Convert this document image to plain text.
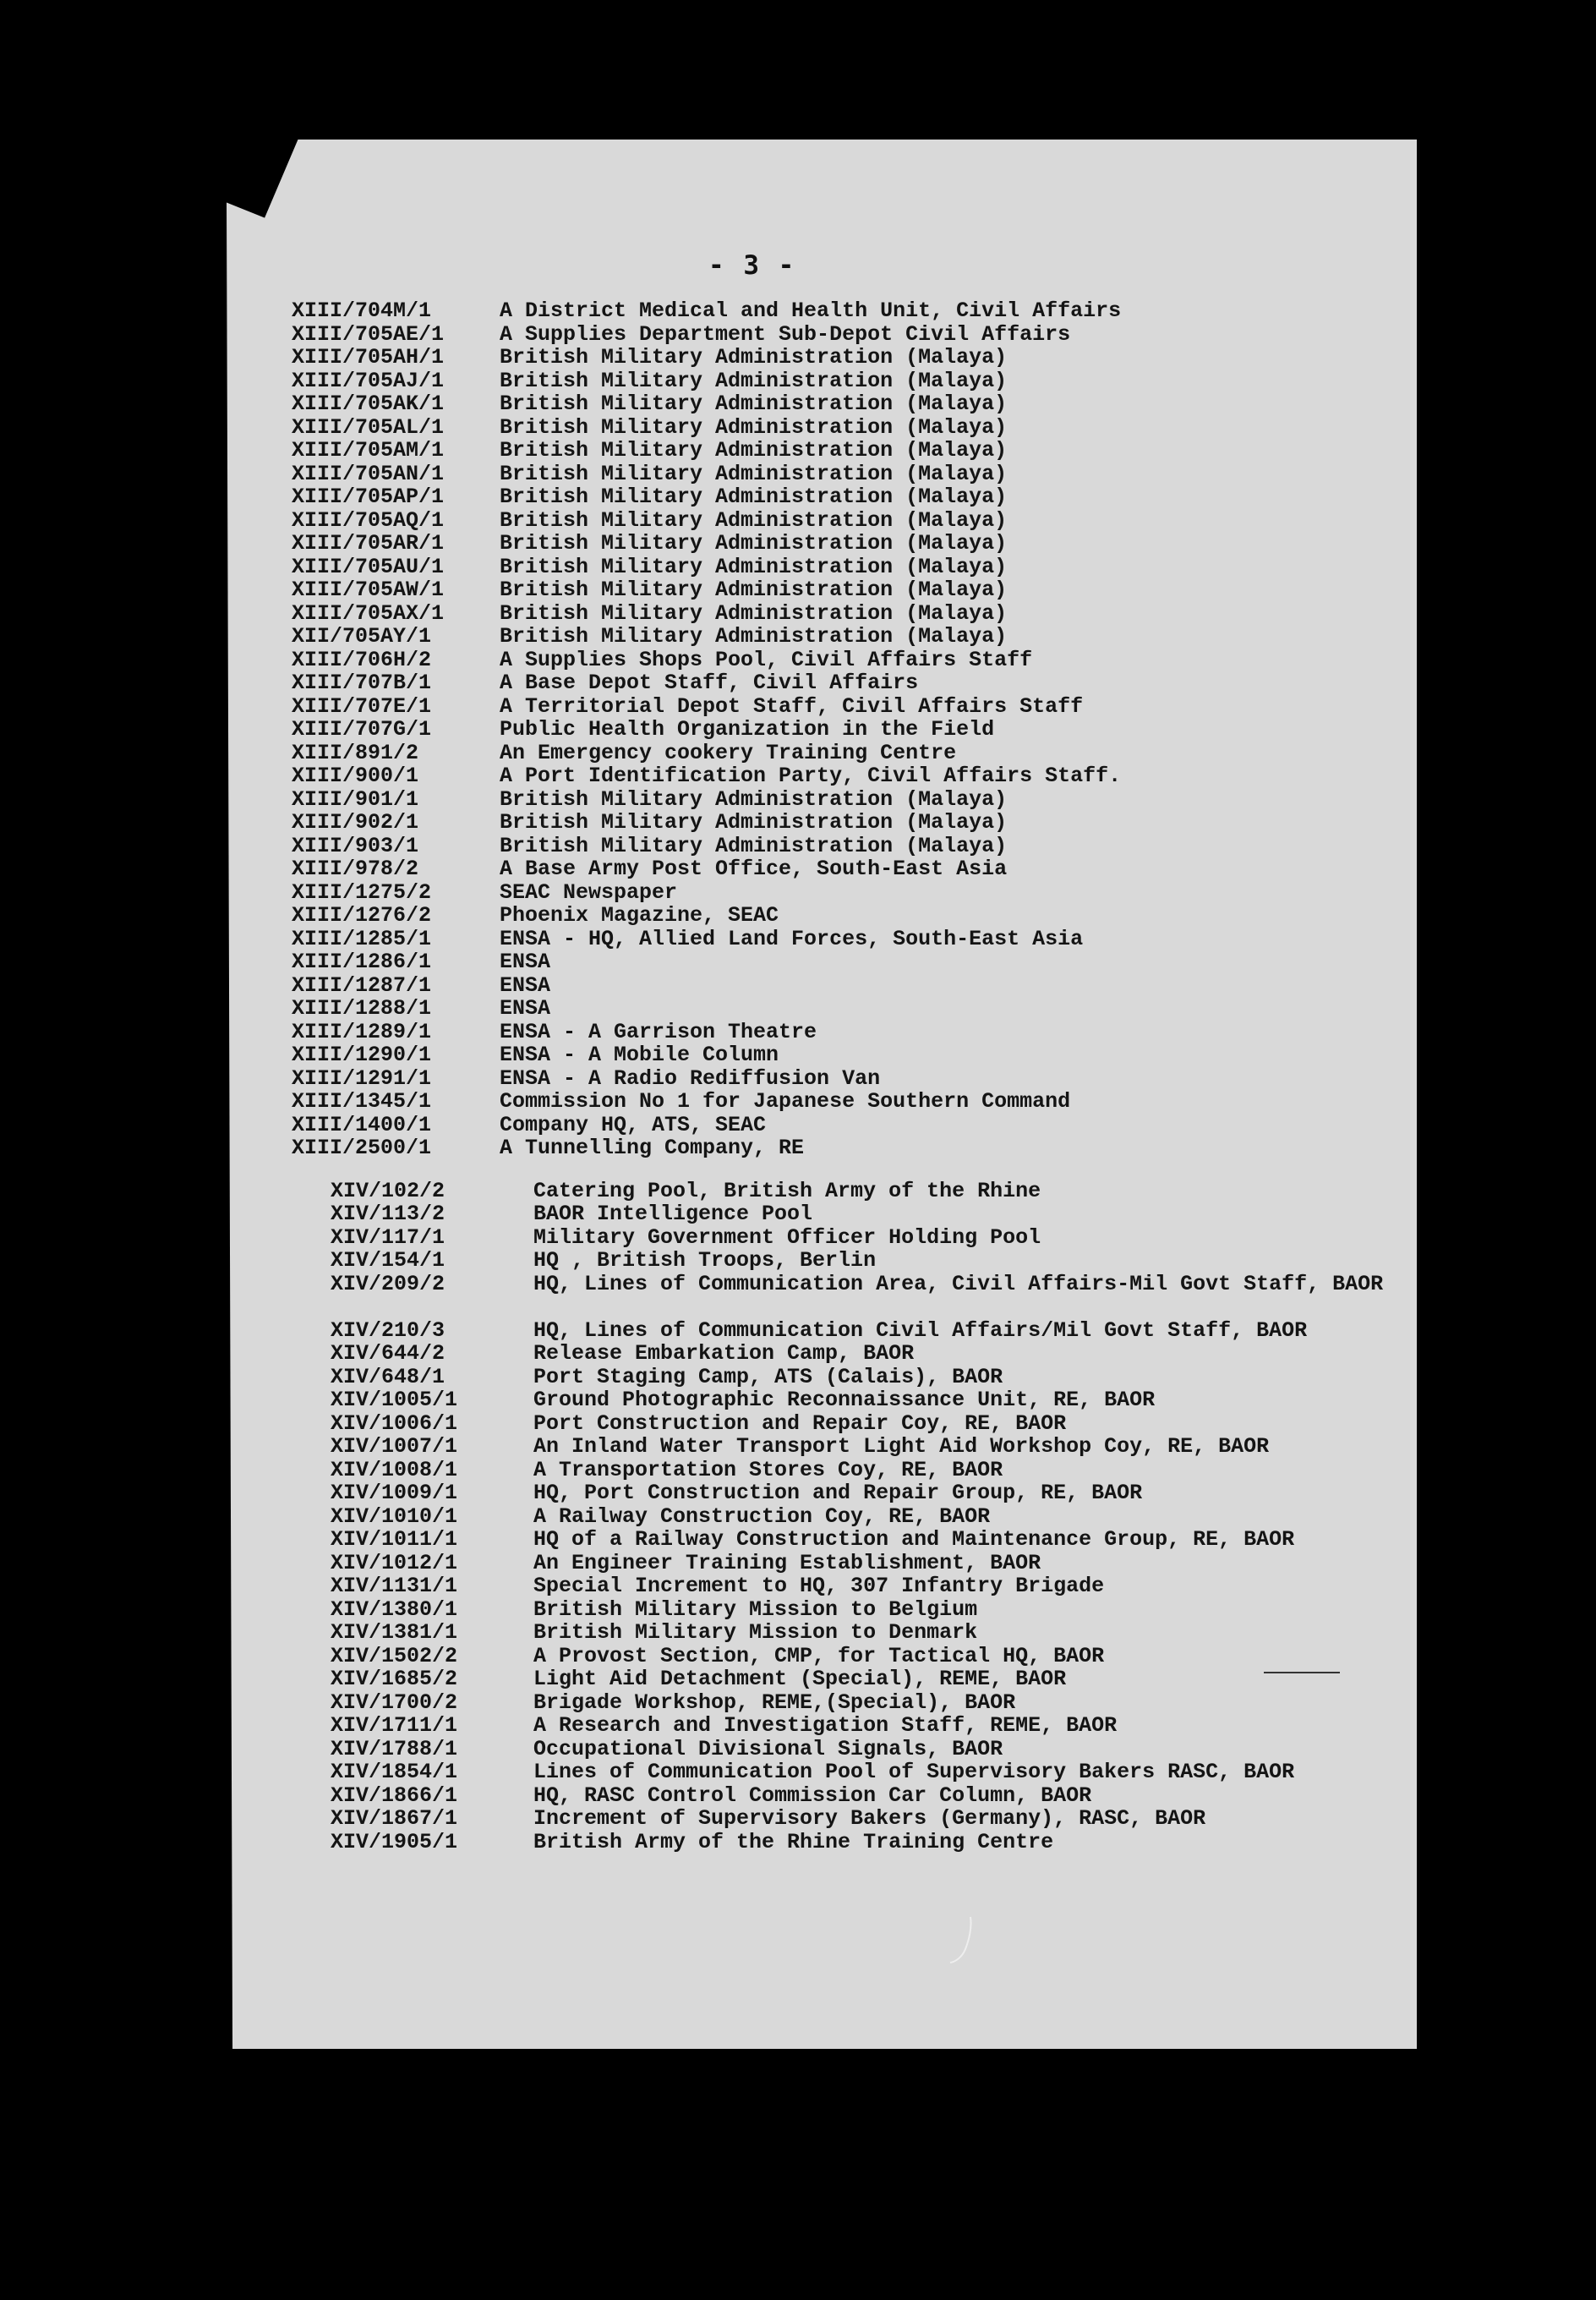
- 3 -
XIII/704M/1	A District Medical and Health Unit, Civil Affairs
XIII/705AE/1	A Supplies Department Sub-Depot Civil Affairs
XIII/705AH/1	British Military Administration (Malaya)
XIII/705AJ/1	British Military Administration (Malaya)
XIII/705AK/1	British Military Administration (Malaya)
XIII/705AL/1	British Military Administration (Malaya)
XIII/705AM/1	British Military Administration (Malaya)
XIII/705AN/1	British Military Administration (Malaya)
XIII/705AP/1	British Military Administration (Malaya)
XIII/705AQ/1	British Military Administration (Malaya)
XIII/705AR/1	British Military Administration (Malaya)
XIII/705AU/1	British Military Administration (Malaya)
XIII/705AW/1	British Military Administration (Malaya)
XIII/705AX/1	British Military Administration (Malaya)
XII/705AY/1	British Military Administration (Malaya)
XIII/706H/2	A Supplies Shops Pool, Civil Affairs Staff
XIII/707B/1	A Base Depot Staff, Civil Affairs
XIII/707E/1	A Territorial Depot Staff, Civil Affairs Staff
XIII/707G/1	Public Health Organization in the Field
XIII/891/2	An Emergency cookery Training Centre
XIII/900/1	A Port Identification Party, Civil Affairs Staff.
XIII/901/1	British Military Administration (Malaya)
XIII/902/1	British Military Administration (Malaya)
XIII/903/1	British Military Administration (Malaya)
XIII/978/2	A Base Army Post Office, South-East Asia
XIII/1275/2	SEAC Newspaper
XIII/1276/2	Phoenix Magazine, SEAC
XIII/1285/1	ENSA - HQ, Allied Land Forces, South-East Asia
XIII/1286/1	ENSA
XIII/1287/1	ENSA
XIII/1288/1	ENSA
XIII/1289/1	ENSA - A Garrison Theatre
XIII/1290/1	ENSA - A Mobile Column
XIII/1291/1	ENSA - A Radio Rediffusion Van
XIII/1345/1	Commission No 1 for Japanese Southern Command
XIII/1400/1	Company HQ, ATS, SEAC
XIII/2500/1	A Tunnelling Company, RE
XIV/102/2	Catering Pool, British Army of the Rhine
XIV/113/2	BAOR Intelligence Pool
XIV/117/1	Military Government Officer Holding Pool
XIV/154/1	HQ , British Troops, Berlin
XIV/209/2	HQ, Lines of Communication Area, Civil Affairs-Mil Govt Staff, BAOR
XIV/210/3	HQ, Lines of Communication Civil Affairs/Mil Govt Staff, BAOR
XIV/644/2	Release Embarkation Camp, BAOR
XIV/648/1	Port Staging Camp, ATS (Calais), BAOR
XIV/1005/1	Ground Photographic Reconnaissance Unit, RE, BAOR
XIV/1006/1	Port Construction and Repair Coy, RE, BAOR
XIV/1007/1	An Inland Water Transport Light Aid Workshop Coy, RE, BAOR
XIV/1008/1	A Transportation Stores Coy, RE, BAOR
XIV/1009/1	HQ, Port Construction and Repair Group, RE, BAOR
XIV/1010/1	A Railway Construction Coy, RE, BAOR
XIV/1011/1	HQ of a Railway Construction and Maintenance Group, RE, BAOR
XIV/1012/1	An Engineer Training Establishment, BAOR
XIV/1131/1	Special Increment to HQ, 307 Infantry Brigade
XIV/1380/1	British Military Mission to Belgium
XIV/1381/1	British Military Mission to Denmark
XIV/1502/2	A Provost Section, CMP, for Tactical HQ, BAOR
XIV/1685/2	Light Aid Detachment (Special), REME, BAOR
XIV/1700/2	Brigade Workshop, REME,(Special), BAOR
XIV/1711/1	A Research and Investigation Staff, REME, BAOR
XIV/1788/1	Occupational Divisional Signals, BAOR
XIV/1854/1	Lines of Communication Pool of Supervisory Bakers RASC, BAOR
XIV/1866/1	HQ, RASC Control Commission Car Column, BAOR
XIV/1867/1	Increment of Supervisory Bakers (Germany), RASC, BAOR
XIV/1905/1	British Army of the Rhine Training Centre
